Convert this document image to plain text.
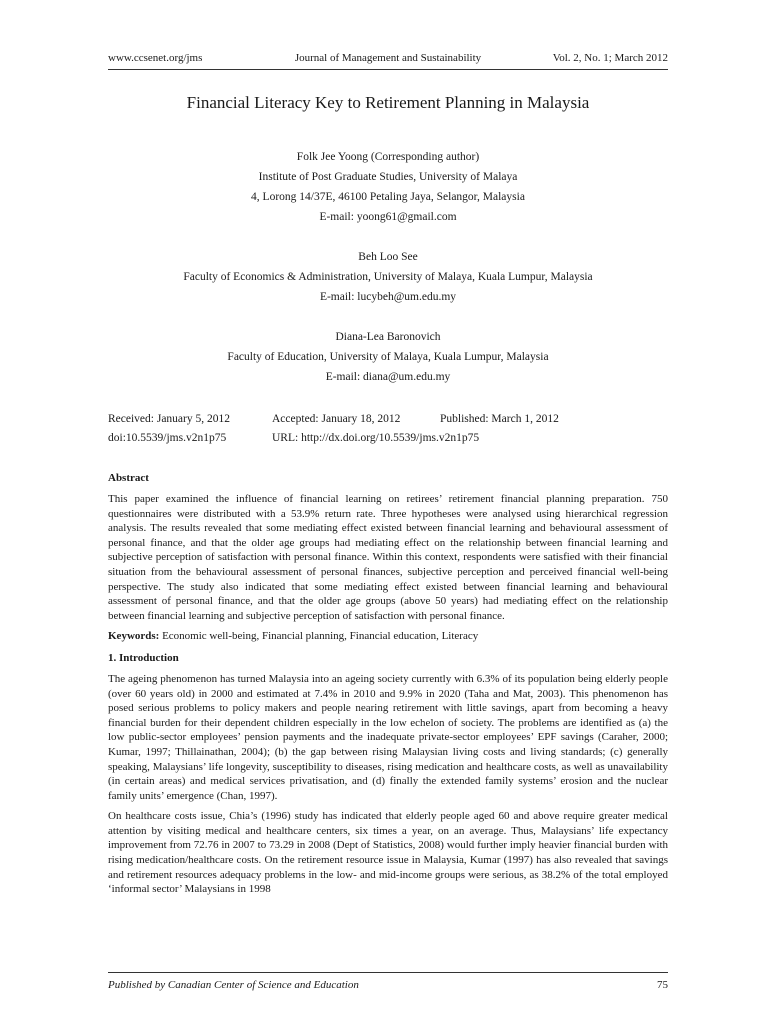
www.ccsenet.org/jms	Journal of Management and Sustainability	Vol. 2, No. 1; March 2012
Financial Literacy Key to Retirement Planning in Malaysia
Folk Jee Yoong (Corresponding author)
Institute of Post Graduate Studies, University of Malaya
4, Lorong 14/37E, 46100 Petaling Jaya, Selangor, Malaysia
E-mail: yoong61@gmail.com
Beh Loo See
Faculty of Economics & Administration, University of Malaya, Kuala Lumpur, Malaysia
E-mail: lucybeh@um.edu.my
Diana-Lea Baronovich
Faculty of Education, University of Malaya, Kuala Lumpur, Malaysia
E-mail: diana@um.edu.my
Received: January 5, 2012	Accepted: January 18, 2012	Published: March 1, 2012
doi:10.5539/jms.v2n1p75	URL: http://dx.doi.org/10.5539/jms.v2n1p75
Abstract

This paper examined the influence of financial learning on retirees’ retirement financial planning preparation. 750 questionnaires were distributed with a 53.9% return rate. Three hypotheses were analysed using hierarchical regression analysis. The results revealed that some mediating effect existed between financial learning and behavioural assessment of personal finance, and that the older age groups had mediating effect on the relationship between financial learning and subjective perception of satisfaction with personal finance. Within this context, respondents were satisfied with their financial situation from the behavioural assessment of personal finances, subjective perception and perceived financial well-being perspective. The study also indicated that some mediating effect existed between financial learning and behavioural assessment of personal finance, and that the older age groups (above 50 years) had mediating effect on the relationship between financial learning and subjective perception of satisfaction with personal finance.

Keywords: Economic well-being, Financial planning, Financial education, Literacy

1. Introduction

The ageing phenomenon has turned Malaysia into an ageing society currently with 6.3% of its population being elderly people (over 60 years old) in 2000 and estimated at 7.4% in 2010 and 9.9% in 2020 (Taha and Mat, 2003). This phenomenon has posed serious problems to policy makers and people nearing retirement with little savings, apart from becoming a heavy financial burden for their dependent children especially in the low echelon of society. The problems are identified as (a) the low public-sector employees’ pension payments and the inadequate private-sector employees’ EPF savings (Caraher, 2000; Kumar, 1997; Thillainathan, 2004); (b) the gap between rising Malaysian living costs and living standards; (c) generally speaking, Malaysians’ life longevity, susceptibility to diseases, rising medication and healthcare costs, as well as unavailability (in certain areas) and medical services privatisation, and (d) finally the extended family systems’ erosion and the nuclear family units’ emergence (Chan, 1997).

On healthcare costs issue, Chia’s (1996) study has indicated that elderly people aged 60 and above require greater medical attention by visiting medical and healthcare centers, six times a year, on an average. Thus, Malaysians’ life expectancy improvement from 72.76 in 2007 to 73.29 in 2008 (Dept of Statistics, 2008) would further imply heavier financial burden with rising medication/healthcare costs. On the retirement resource issue in Malaysia, Kumar (1997) has also revealed that savings and retirement resources adequacy problems in the low- and mid-income groups were serious, as 38.2% of the total employed ‘informal sector’ Malaysians in 1998

Published by Canadian Center of Science and Education	75
